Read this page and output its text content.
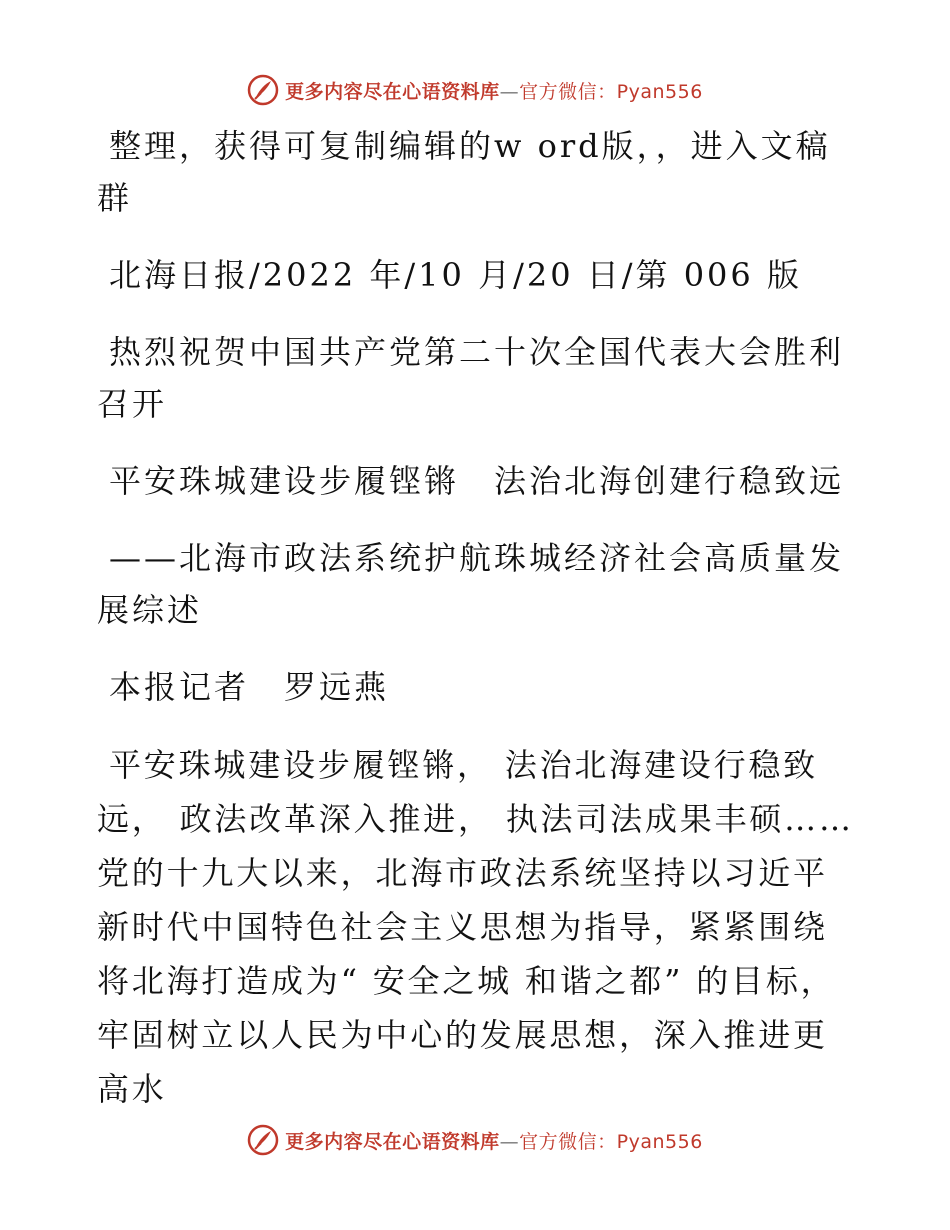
更多内容尽在心语资料库—官方微信：Pyan556

整理，获得可复制编辑的w ord版，，进入文稿群

北海日报/2022 年/10 月/20 日/第 006 版

热烈祝贺中国共产党第二十次全国代表大会胜利召开

平安珠城建设步履铿锵　法治北海创建行稳致远

——北海市政法系统护航珠城经济社会高质量发展综述

本报记者　罗远燕

平安珠城建设步履铿锵， 法治北海建设行稳致远， 政法改革深入推进， 执法司法成果丰硕……党的十九大以来，北海市政法系统坚持以习近平新时代中国特色社会主义思想为指导，紧紧围绕将北海打造成为“ 安全之城 和谐之都” 的目标，牢固树立以人民为中心的发展思想，深入推进更高水

更多内容尽在心语资料库—官方微信：Pyan556
